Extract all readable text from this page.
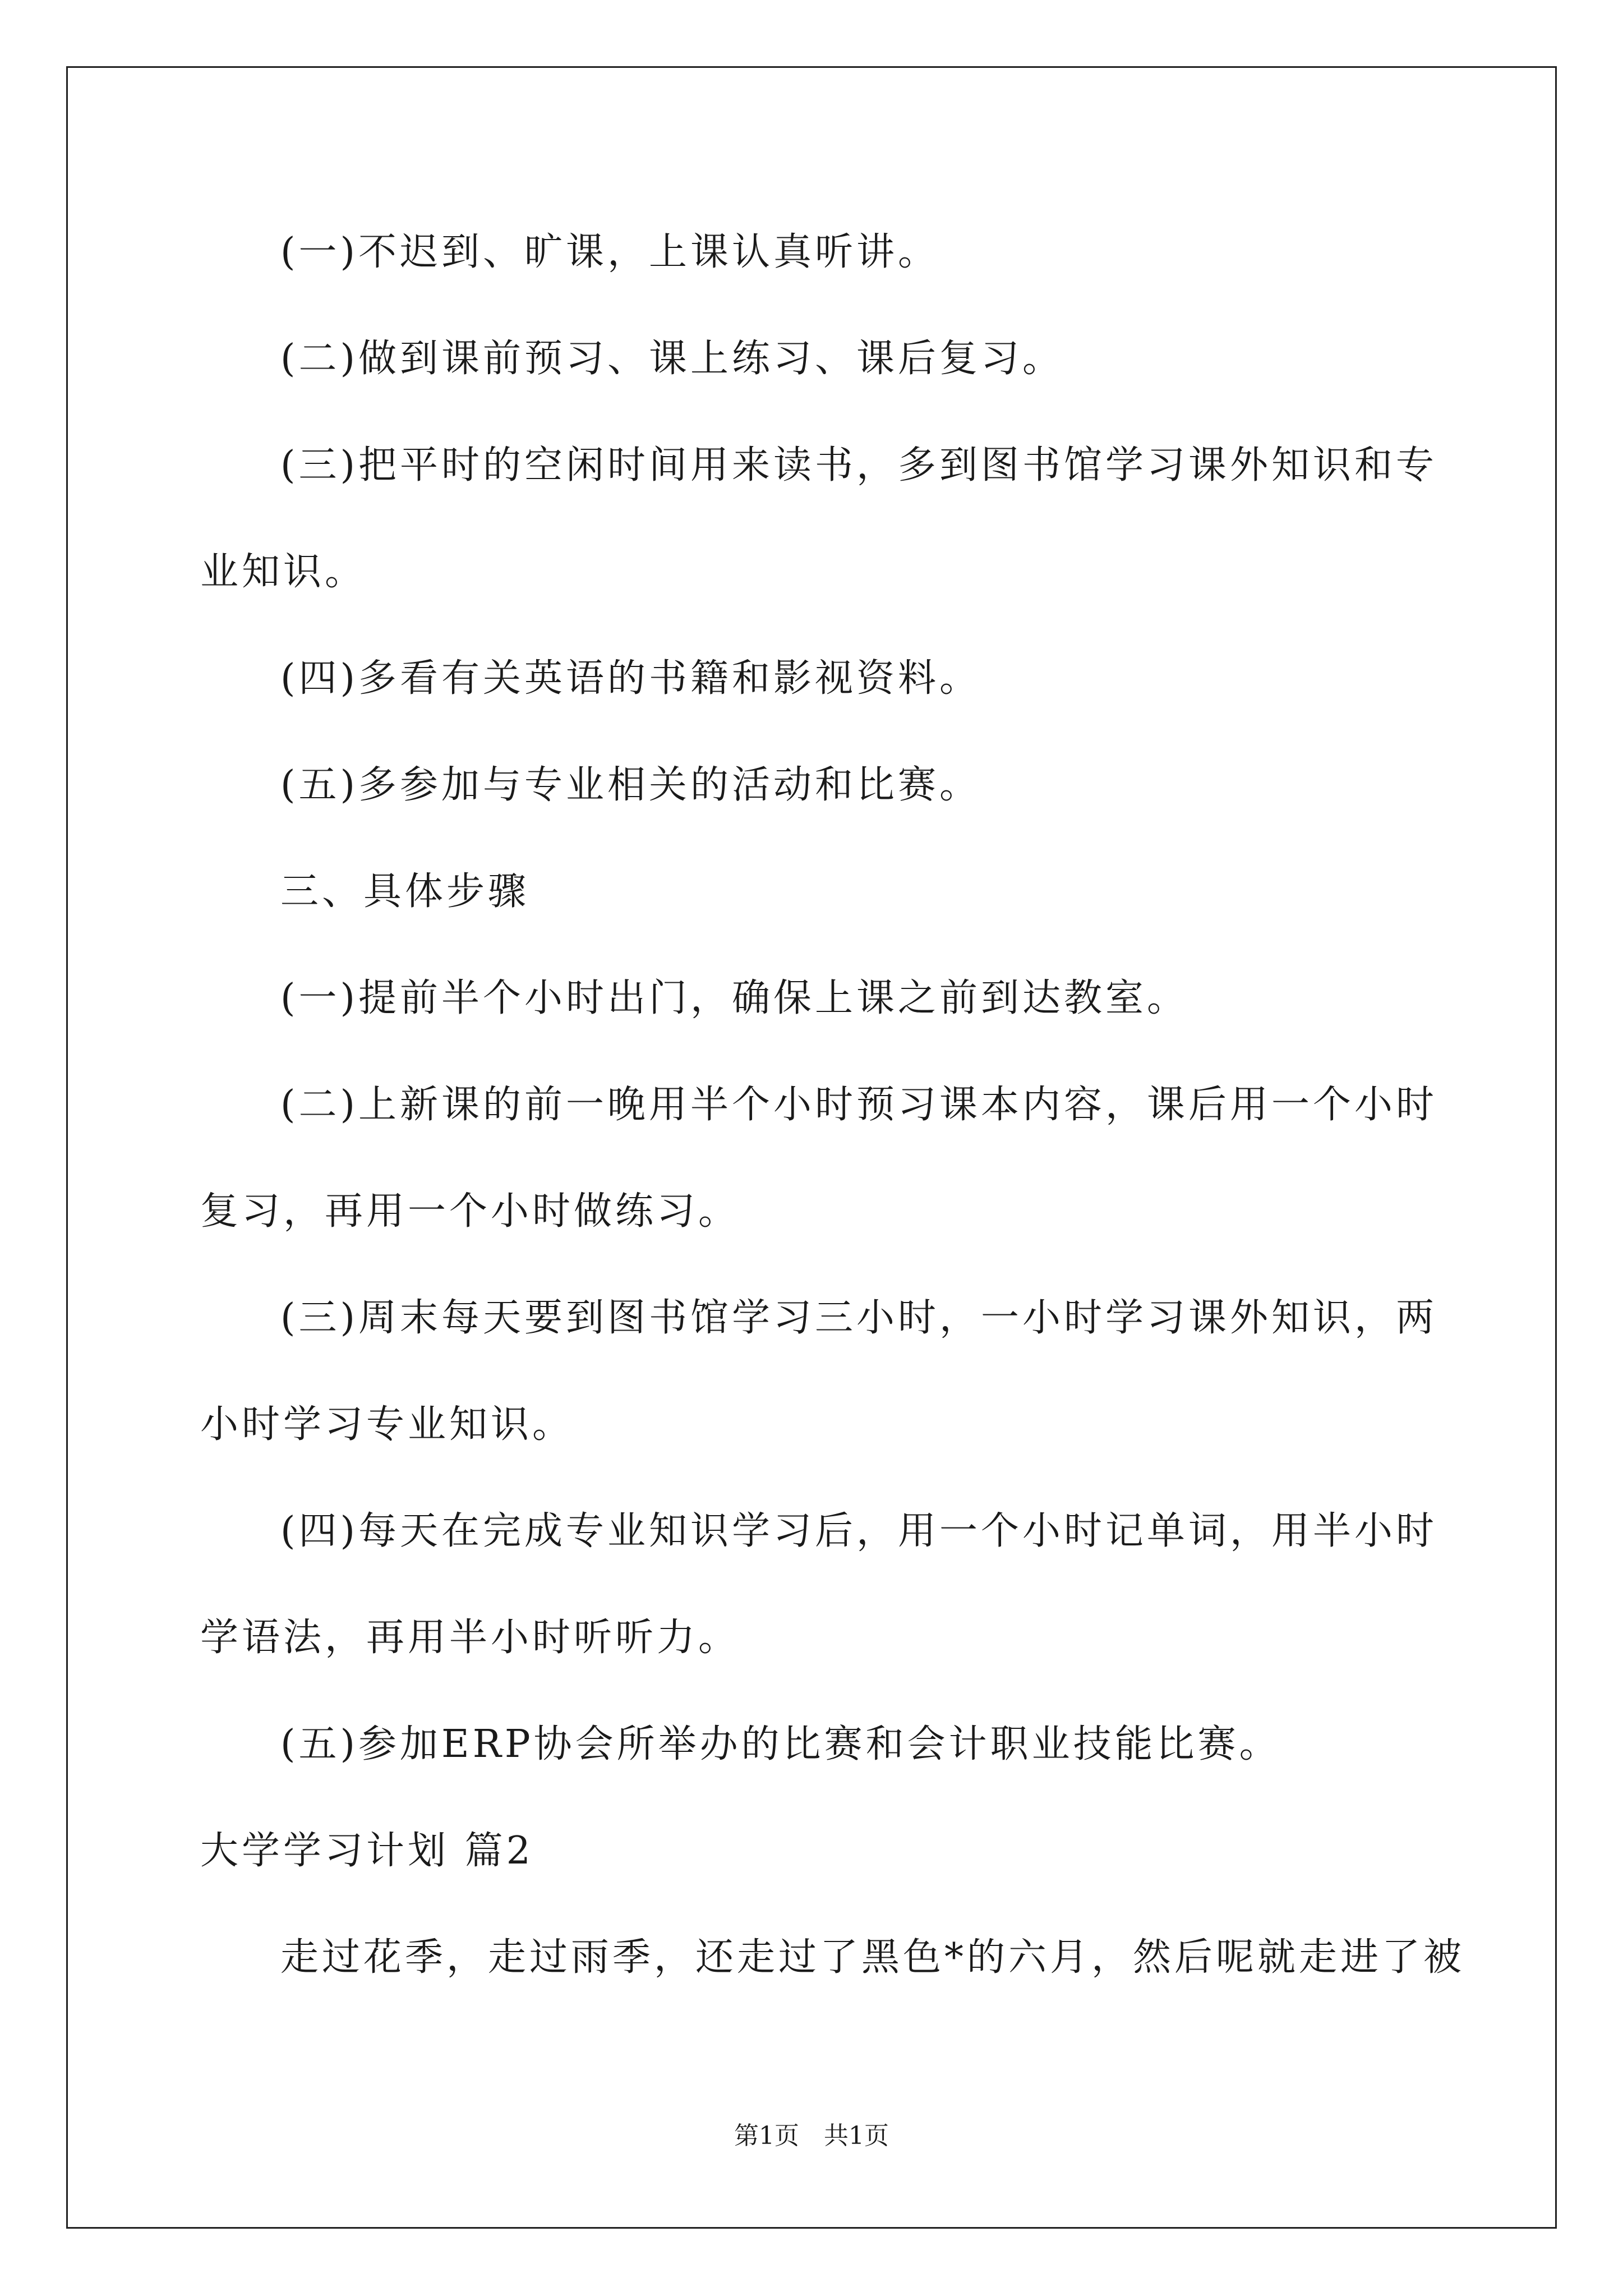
(一)不迟到、旷课，上课认真听讲。
(二)做到课前预习、课上练习、课后复习。
(三)把平时的空闲时间用来读书，多到图书馆学习课外知识和专
业知识。
(四)多看有关英语的书籍和影视资料。
(五)多参加与专业相关的活动和比赛。
三、具体步骤
(一)提前半个小时出门，确保上课之前到达教室。
(二)上新课的前一晚用半个小时预习课本内容，课后用一个小时
复习，再用一个小时做练习。
(三)周末每天要到图书馆学习三小时，一小时学习课外知识，两
小时学习专业知识。
(四)每天在完成专业知识学习后，用一个小时记单词，用半小时
学语法，再用半小时听听力。
(五)参加ERP协会所举办的比赛和会计职业技能比赛。
大学学习计划 篇2
走过花季，走过雨季，还走过了黑色*的六月，然后呢就走进了被
第1页　共1页
